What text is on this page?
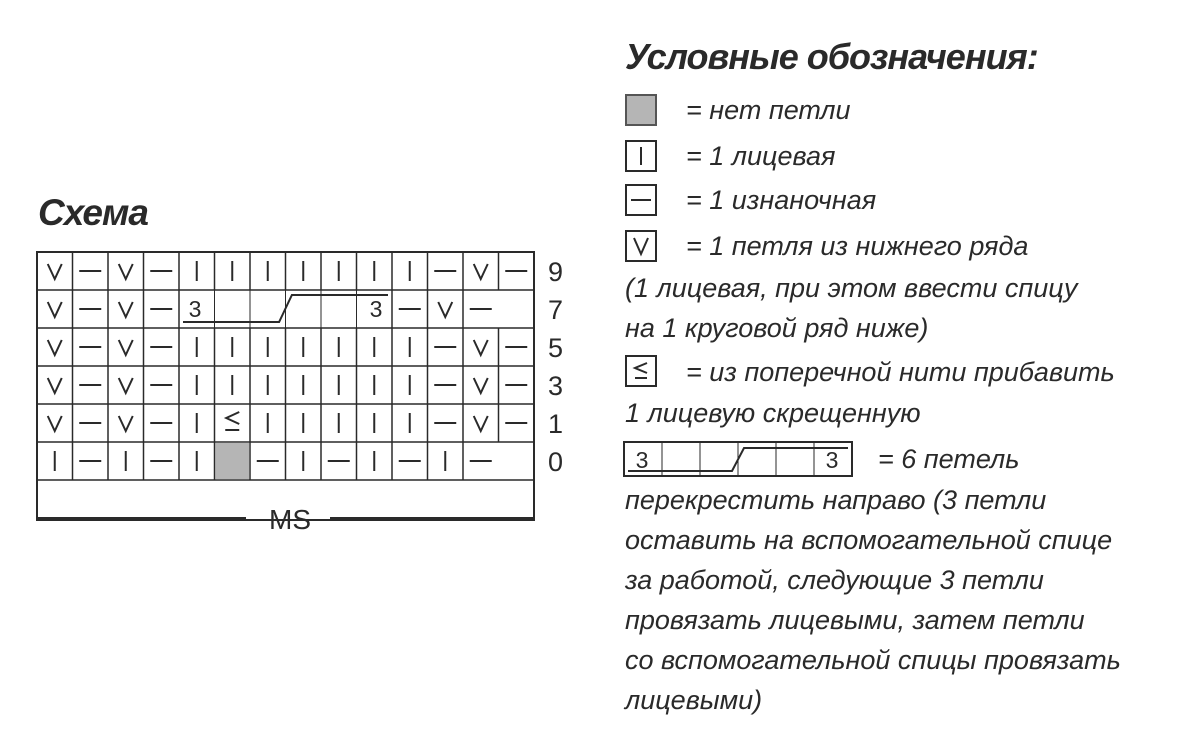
Схема
3	3
9
7
5
3
1
0
MS
Условные обозначения:
= нет петли
= 1 лицевая
= 1 изнаночная
= 1 петля из нижнего ряда
(1 лицевая, при этом ввести спицу
на 1 круговой ряд ниже)
= из поперечной нити прибавить
1 лицевую скрещенную
3	3 = 6 петель
перекрестить направо (3 петли
оставить на вспомогательной спице
за работой, следующие 3 петли
провязать лицевыми, затем петли
со вспомогательной спицы провязать
лицевыми)
